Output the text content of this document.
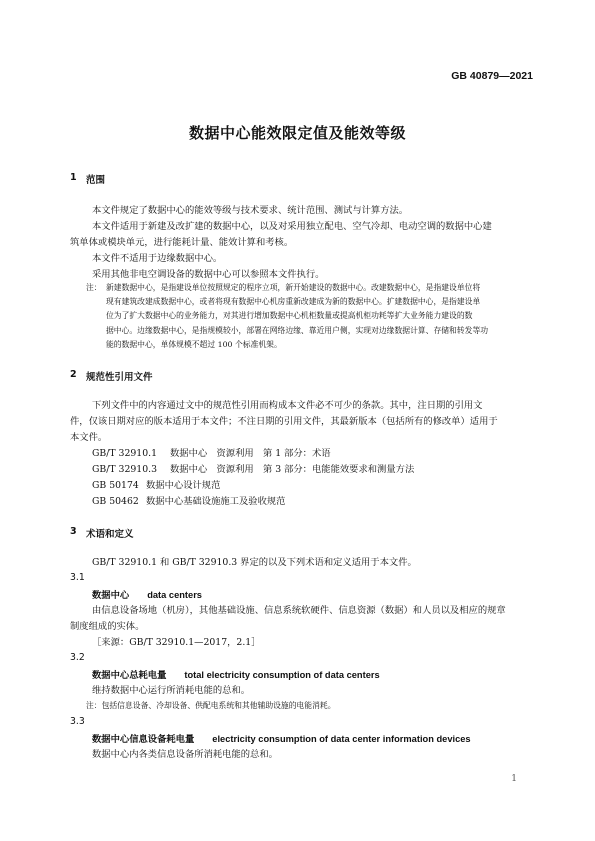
GB 40879—2021
数据中心能效限定值及能效等级
1 范围
本文件规定了数据中心的能效等级与技术要求、统计范围、测试与计算方法。
本文件适用于新建及改扩建的数据中心，以及对采用独立配电、空气冷却、电动空调的数据中心建
筑单体或模块单元，进行能耗计量、能效计算和考核。
本文件不适用于边缘数据中心。
采用其他非电空调设备的数据中心可以参照本文件执行。
注： 新建数据中心，是指建设单位按照规定的程序立项，新开始建设的数据中心。改建数据中心，是指建设单位将
现有建筑改建成数据中心，或者将现有数据中心机房重新改建成为新的数据中心。扩建数据中心，是指建设单
位为了扩大数据中心的业务能力，对其进行增加数据中心机柜数量或提高机柜功耗等扩大业务能力建设的数
据中心。边缘数据中心，是指规模较小，部署在网络边缘、靠近用户侧，实现对边缘数据计算、存储和转发等功
能的数据中心，单体规模不超过 100 个标准机架。
2 规范性引用文件
下列文件中的内容通过文中的规范性引用而构成本文件必不可少的条款。其中，注日期的引用文
件，仅该日期对应的版本适用于本文件；不注日期的引用文件，其最新版本（包括所有的修改单）适用于
本文件。
GB/T 32910.1 数据中心　资源利用　第 1 部分：术语
GB/T 32910.3 数据中心　资源利用　第 3 部分：电能能效要求和测量方法
GB 50174 数据中心设计规范
GB 50462 数据中心基础设施施工及验收规范
3 术语和定义
GB/T 32910.1 和 GB/T 32910.3 界定的以及下列术语和定义适用于本文件。
3.1
数据中心 data centers
由信息设备场地（机房），其他基础设施、信息系统软硬件、信息资源（数据）和人员以及相应的规章
制度组成的实体。
［来源：GB/T 32910.1—2017，2.1］
3.2
数据中心总耗电量 total electricity consumption of data centers
维持数据中心运行所消耗电能的总和。
注：包括信息设备、冷却设备、供配电系统和其他辅助设施的电能消耗。
3.3
数据中心信息设备耗电量 electricity consumption of data center information devices
数据中心内各类信息设备所消耗电能的总和。
1
